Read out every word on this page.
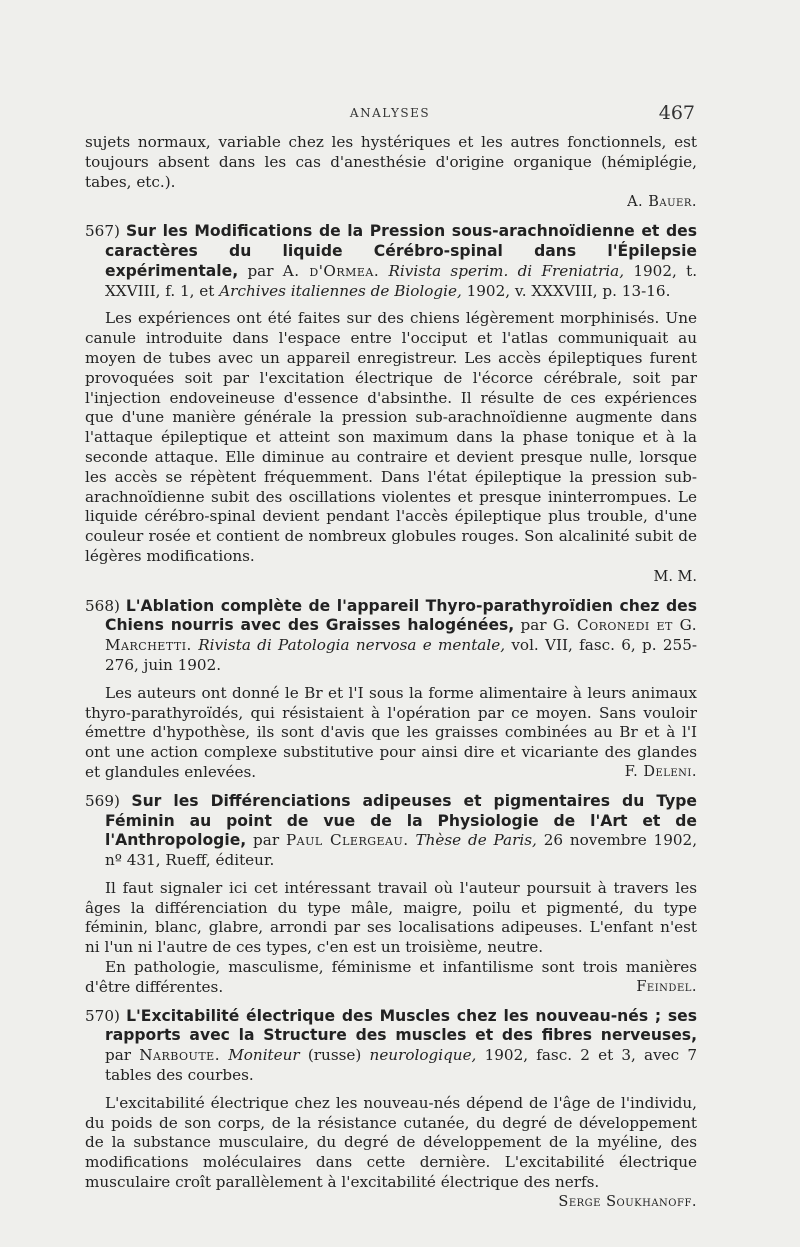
ANALYSES	467

sujets normaux, variable chez les hystériques et les autres fonctionnels, est toujours absent dans les cas d'anesthésie d'origine organique (hémiplégie, tabes, etc.).

A. Bauer.

567) Sur les Modifications de la Pression sous-arachnoïdienne et des caractères du liquide Cérébro-spinal dans l'Épilepsie expérimentale, par A. d'Ormea. Rivista sperim. di Freniatria, 1902, t. XXVIII, f. 1, et Archives italiennes de Biologie, 1902, v. XXXVIII, p. 13-16.

Les expériences ont été faites sur des chiens légèrement morphinisés. Une canule introduite dans l'espace entre l'occiput et l'atlas communiquait au moyen de tubes avec un appareil enregistreur. Les accès épileptiques furent provoquées soit par l'excitation électrique de l'écorce cérébrale, soit par l'injection endoveineuse d'essence d'absinthe. Il résulte de ces expériences que d'une manière générale la pression sub-arachnoïdienne augmente dans l'attaque épileptique et atteint son maximum dans la phase tonique et à la seconde attaque. Elle diminue au contraire et devient presque nulle, lorsque les accès se répètent fréquemment. Dans l'état épileptique la pression sub-arachnoïdienne subit des oscillations violentes et presque ininterrompues. Le liquide cérébro-spinal devient pendant l'accès épileptique plus trouble, d'une couleur rosée et contient de nombreux globules rouges. Son alcalinité subit de légères modifications.

M. M.

568) L'Ablation complète de l'appareil Thyro-parathyroïdien chez des Chiens nourris avec des Graisses halogénées, par G. Coronedi et G. Marchetti. Rivista di Patologia nervosa e mentale, vol. VII, fasc. 6, p. 255-276, juin 1902.

Les auteurs ont donné le Br et l'I sous la forme alimentaire à leurs animaux thyro-parathyroïdés, qui résistaient à l'opération par ce moyen. Sans vouloir émettre d'hypothèse, ils sont d'avis que les graisses combinées au Br et à l'I ont une action complexe substitutive pour ainsi dire et vicariante des glandes et glandules enlevées.	F. Deleni.

569) Sur les Différenciations adipeuses et pigmentaires du Type Féminin au point de vue de la Physiologie de l'Art et de l'Anthropologie, par Paul Clergeau. Thèse de Paris, 26 novembre 1902, nº 431, Rueff, éditeur.

Il faut signaler ici cet intéressant travail où l'auteur poursuit à travers les âges la différenciation du type mâle, maigre, poilu et pigmenté, du type féminin, blanc, glabre, arrondi par ses localisations adipeuses. L'enfant n'est ni l'un ni l'autre de ces types, c'en est un troisième, neutre.

En pathologie, masculisme, féminisme et infantilisme sont trois manières d'être différentes.	Feindel.

570) L'Excitabilité électrique des Muscles chez les nouveau-nés ; ses rapports avec la Structure des muscles et des fibres nerveuses, par Narboute. Moniteur (russe) neurologique, 1902, fasc. 2 et 3, avec 7 tables des courbes.

L'excitabilité électrique chez les nouveau-nés dépend de l'âge de l'individu, du poids de son corps, de la résistance cutanée, du degré de développement de la substance musculaire, du degré de développement de la myéline, des modifications moléculaires dans cette dernière. L'excitabilité électrique musculaire croît parallèlement à l'excitabilité électrique des nerfs.
Serge Soukhanoff.
